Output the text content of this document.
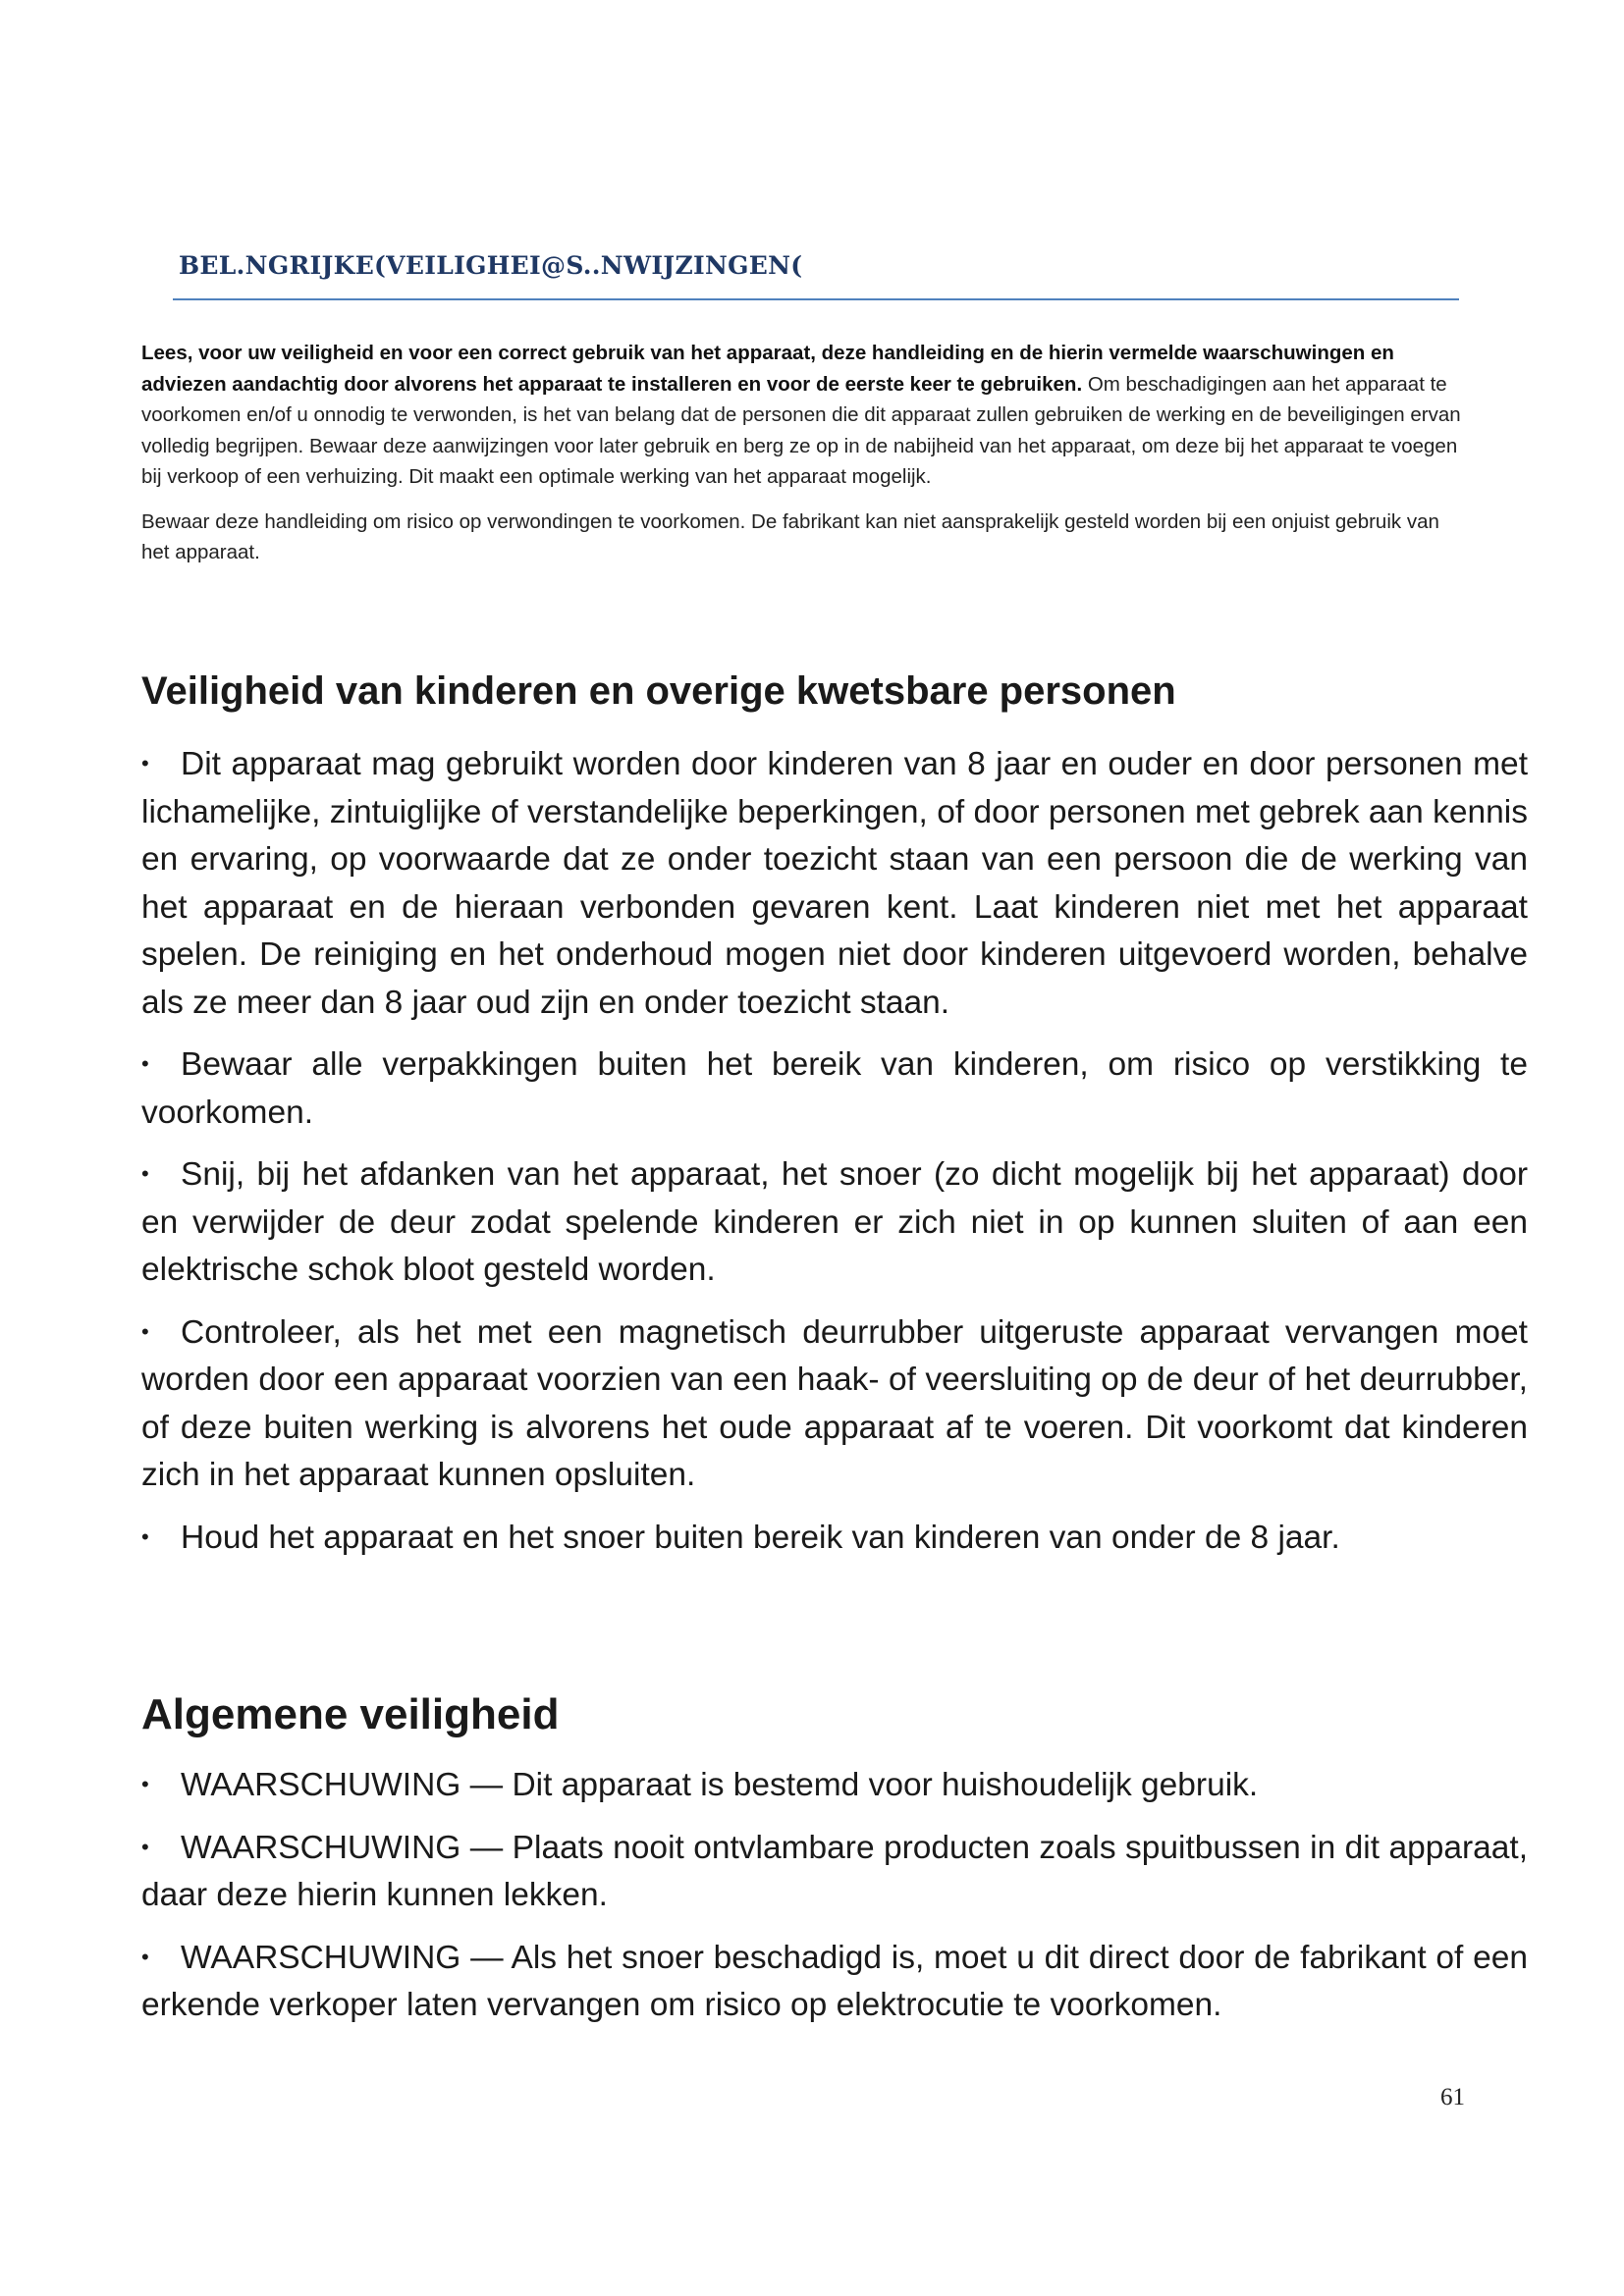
BEL.NGRIJKE(VEILIGHEI@S..NWIJZINGEN(

Lees, voor uw veiligheid en voor een correct gebruik van het apparaat, deze handleiding en de hierin vermelde waarschuwingen en adviezen aandachtig door alvorens het apparaat te installeren en voor de eerste keer te gebruiken. Om beschadigingen aan het apparaat te voorkomen en/of u onnodig te verwonden, is het van belang dat de personen die dit apparaat zullen gebruiken de werking en de beveiligingen ervan volledig begrijpen. Bewaar deze aanwijzingen voor later gebruik en berg ze op in de nabijheid van het apparaat, om deze bij het apparaat te voegen bij verkoop of een verhuizing. Dit maakt een optimale werking van het apparaat mogelijk.

Bewaar deze handleiding om risico op verwondingen te voorkomen. De fabrikant kan niet aansprakelijk gesteld worden bij een onjuist gebruik van het apparaat.

Veiligheid van kinderen en overige kwetsbare personen

• Dit apparaat mag gebruikt worden door kinderen van 8 jaar en ouder en door personen met lichamelijke, zintuiglijke of verstandelijke beperkingen, of door personen met gebrek aan kennis en ervaring, op voorwaarde dat ze onder toezicht staan van een persoon die de werking van het apparaat en de hieraan verbonden gevaren kent. Laat kinderen niet met het apparaat spelen. De reiniging en het onderhoud mogen niet door kinderen uitgevoerd worden, behalve als ze meer dan 8 jaar oud zijn en onder toezicht staan.

• Bewaar alle verpakkingen buiten het bereik van kinderen, om risico op verstikking te voorkomen.

• Snij, bij het afdanken van het apparaat, het snoer (zo dicht mogelijk bij het apparaat) door en verwijder de deur zodat spelende kinderen er zich niet in op kunnen sluiten of aan een elektrische schok bloot gesteld worden.

• Controleer, als het met een magnetisch deurrubber uitgeruste apparaat vervangen moet worden door een apparaat voorzien van een haak- of veersluiting op de deur of het deurrubber, of deze buiten werking is alvorens het oude apparaat af te voeren. Dit voorkomt dat kinderen zich in het apparaat kunnen opsluiten.

• Houd het apparaat en het snoer buiten bereik van kinderen van onder de 8 jaar.

Algemene veiligheid

• WAARSCHUWING — Dit apparaat is bestemd voor huishoudelijk gebruik.

• WAARSCHUWING — Plaats nooit ontvlambare producten zoals spuitbussen in dit apparaat, daar deze hierin kunnen lekken.

• WAARSCHUWING — Als het snoer beschadigd is, moet u dit direct door de fabrikant of een erkende verkoper laten vervangen om risico op elektrocutie te voorkomen.

61
